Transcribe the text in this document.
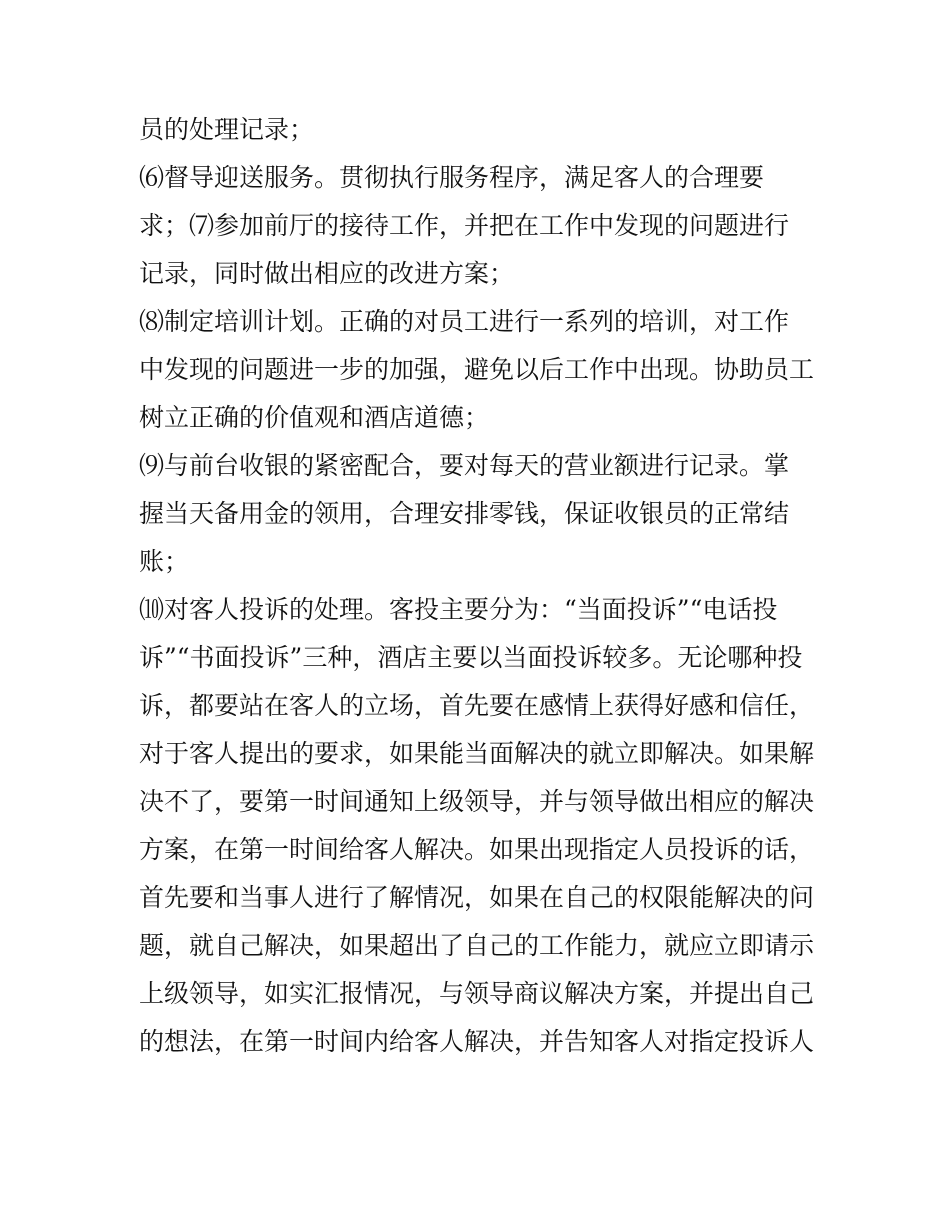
员的处理记录；
⑹督导迎送服务。贯彻执行服务程序，满足客人的合理要
求；⑺参加前厅的接待工作，并把在工作中发现的问题进行
记录，同时做出相应的改进方案；
⑻制定培训计划。正确的对员工进行一系列的培训，对工作
中发现的问题进一步的加强，避免以后工作中出现。协助员工
树立正确的价值观和酒店道德；
⑼与前台收银的紧密配合，要对每天的营业额进行记录。掌
握当天备用金的领用，合理安排零钱，保证收银员的正常结
账；
⑽对客人投诉的处理。客投主要分为：“当面投诉”“电话投
诉”“书面投诉”三种，酒店主要以当面投诉较多。无论哪种投
诉，都要站在客人的立场，首先要在感情上获得好感和信任，
对于客人提出的要求，如果能当面解决的就立即解决。如果解
决不了，要第一时间通知上级领导，并与领导做出相应的解决
方案，在第一时间给客人解决。如果出现指定人员投诉的话，
首先要和当事人进行了解情况，如果在自己的权限能解决的问
题，就自己解决，如果超出了自己的工作能力，就应立即请示
上级领导，如实汇报情况，与领导商议解决方案，并提出自己
的想法，在第一时间内给客人解决，并告知客人对指定投诉人
